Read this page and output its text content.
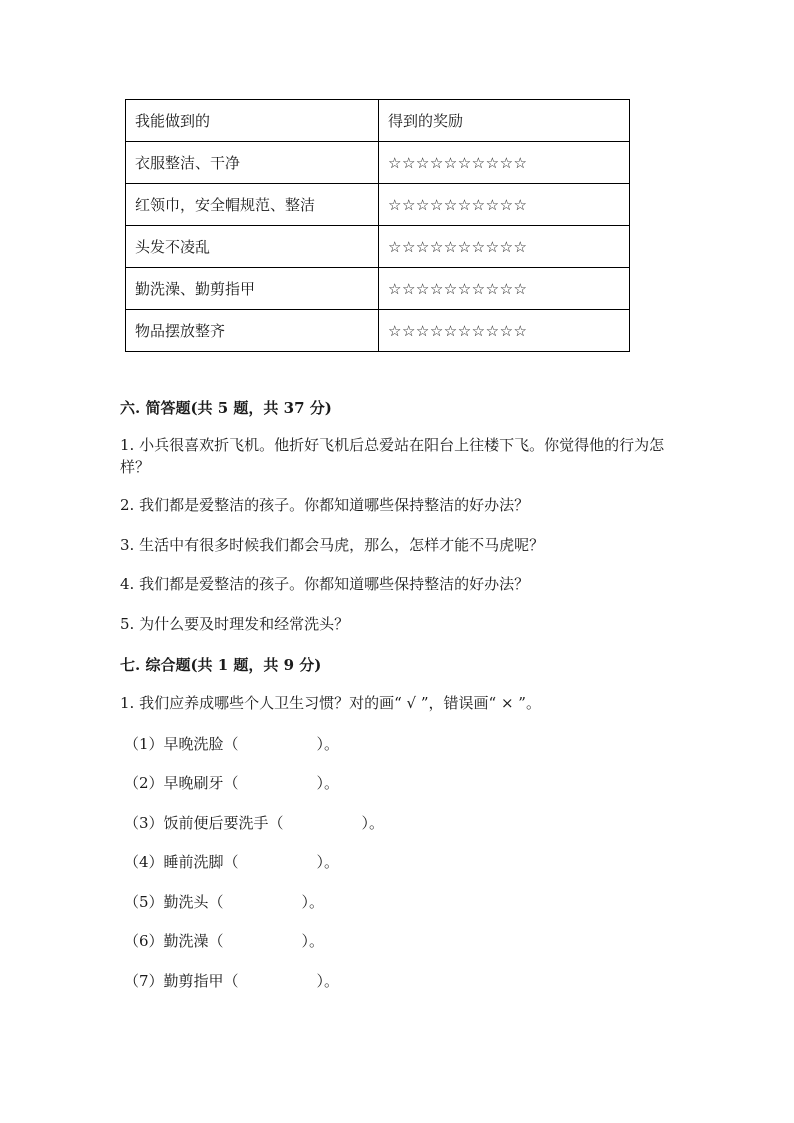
我能做到的	得到的奖励
衣服整洁、干净	☆☆☆☆☆☆☆☆☆☆
红领巾，安全帽规范、整洁	☆☆☆☆☆☆☆☆☆☆
头发不凌乱	☆☆☆☆☆☆☆☆☆☆
勤洗澡、勤剪指甲	☆☆☆☆☆☆☆☆☆☆
物品摆放整齐	☆☆☆☆☆☆☆☆☆☆
六. 简答题(共 5 题，共 37 分)
1. 小兵很喜欢折飞机。他折好飞机后总爱站在阳台上往楼下飞。你觉得他的行为怎样？
2. 我们都是爱整洁的孩子。你都知道哪些保持整洁的好办法？
3. 生活中有很多时候我们都会马虎，那么，怎样才能不马虎呢？
4. 我们都是爱整洁的孩子。你都知道哪些保持整洁的好办法？
5. 为什么要及时理发和经常洗头？
七. 综合题(共 1 题，共 9 分)
1. 我们应养成哪些个人卫生习惯？对的画“ √ ”，错误画“ × ”。
（1）早晚洗脸（	）。
（2）早晚刷牙（	）。
（3）饭前便后要洗手（	）。
（4）睡前洗脚（	）。
（5）勤洗头（	）。
（6）勤洗澡（	）。
（7）勤剪指甲（	）。
